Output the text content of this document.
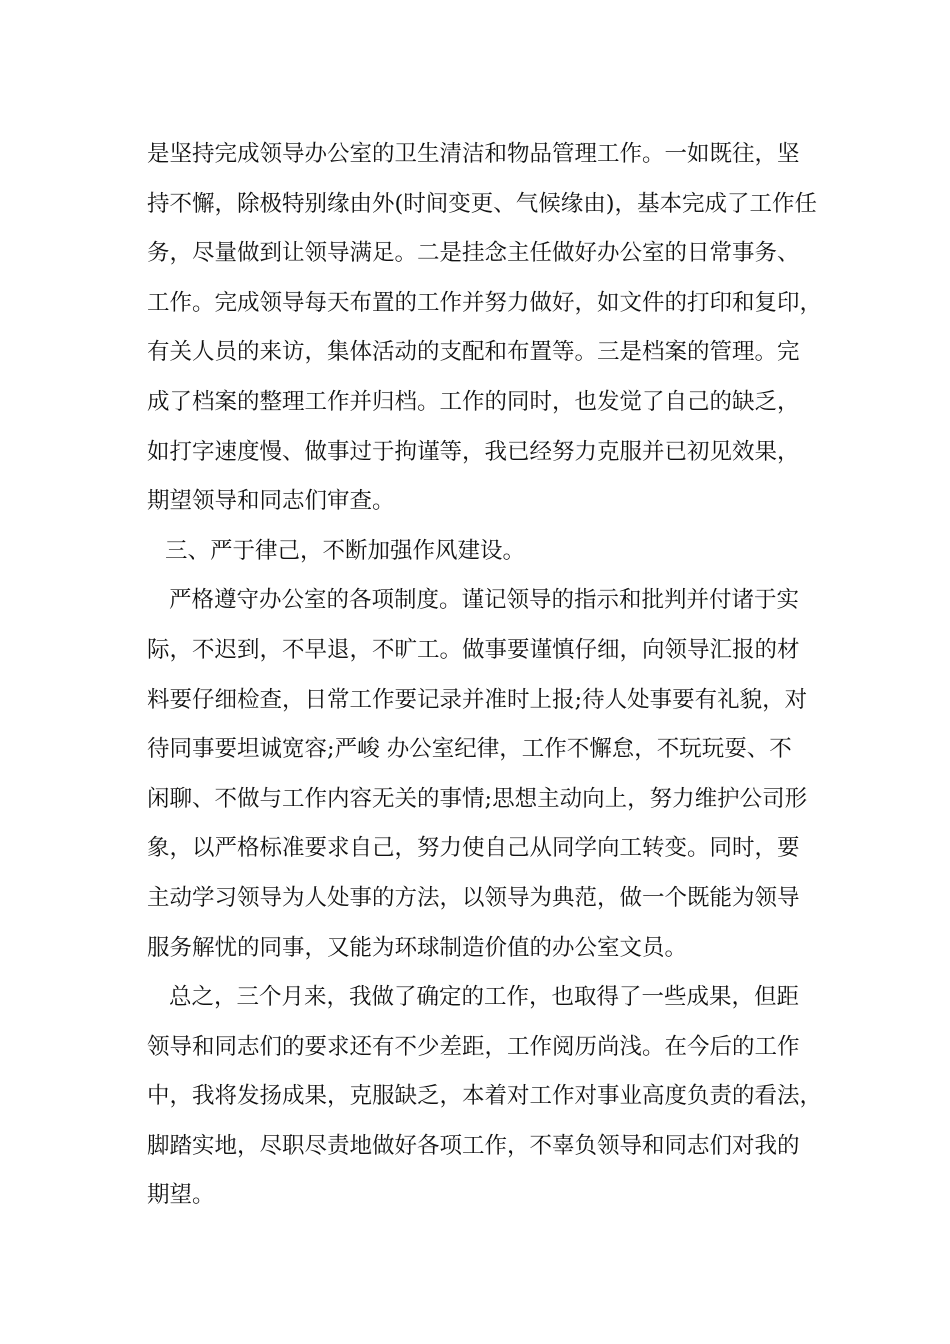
是坚持完成领导办公室的卫生清洁和物品管理工作。一如既往，坚
持不懈，除极特别缘由外(时间变更、气候缘由)，基本完成了工作任
务，尽量做到让领导满足。二是挂念主任做好办公室的日常事务、
工作。完成领导每天布置的工作并努力做好，如文件的打印和复印，
有关人员的来访，集体活动的支配和布置等。三是档案的管理。完
成了档案的整理工作并归档。工作的同时，也发觉了自己的缺乏，
如打字速度慢、做事过于拘谨等，我已经努力克服并已初见效果，
期望领导和同志们审查。
三、严于律己，不断加强作风建设。
严格遵守办公室的各项制度。谨记领导的指示和批判并付诸于实
际，不迟到，不早退，不旷工。做事要谨慎仔细，向领导汇报的材
料要仔细检查，日常工作要记录并准时上报;待人处事要有礼貌，对
待同事要坦诚宽容;严峻 办公室纪律，工作不懈怠，不玩玩耍、不
闲聊、不做与工作内容无关的事情;思想主动向上，努力维护公司形
象，以严格标准要求自己，努力使自己从同学向工转变。同时，要
主动学习领导为人处事的方法，以领导为典范，做一个既能为领导
服务解忧的同事，又能为环球制造价值的办公室文员。
总之，三个月来，我做了确定的工作，也取得了一些成果，但距
领导和同志们的要求还有不少差距，工作阅历尚浅。在今后的工作
中，我将发扬成果，克服缺乏，本着对工作对事业高度负责的看法，
脚踏实地，尽职尽责地做好各项工作，不辜负领导和同志们对我的
期望。
